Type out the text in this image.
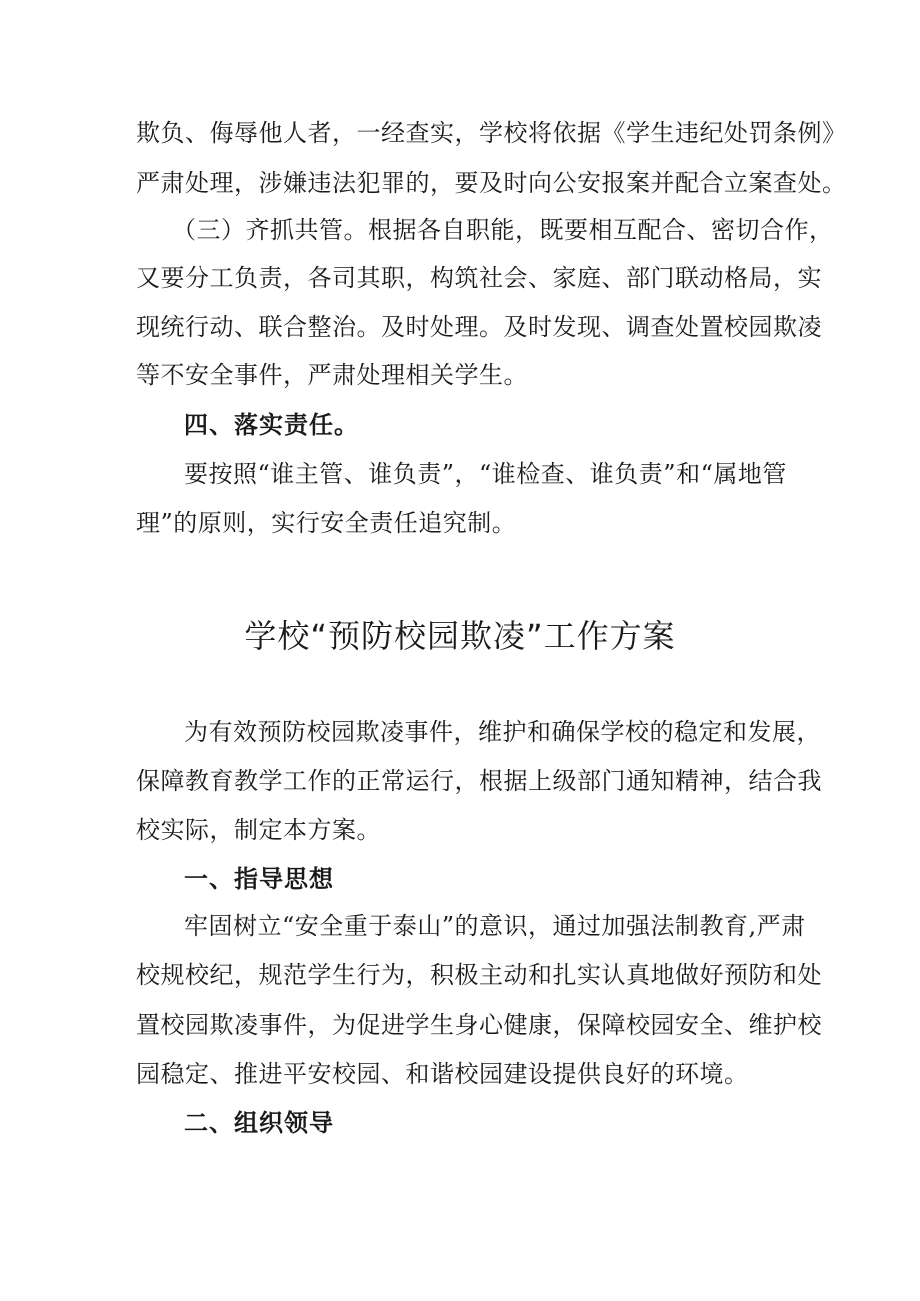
欺负、侮辱他人者，一经查实，学校将依据《学生违纪处罚条例》
严肃处理，涉嫌违法犯罪的，要及时向公安报案并配合立案查处。
（三）齐抓共管。根据各自职能，既要相互配合、密切合作，
又要分工负责，各司其职，构筑社会、家庭、部门联动格局，实
现统行动、联合整治。及时处理。及时发现、调查处置校园欺凌
等不安全事件，严肃处理相关学生。
四、落实责任。
要按照“谁主管、谁负责”，“谁检查、谁负责”和“属地管
理”的原则，实行安全责任追究制。
学校“预防校园欺凌”工作方案
为有效预防校园欺凌事件，维护和确保学校的稳定和发展，
保障教育教学工作的正常运行，根据上级部门通知精神，结合我
校实际，制定本方案。
一、指导思想
牢固树立“安全重于泰山”的意识，通过加强法制教育,严肃
校规校纪，规范学生行为，积极主动和扎实认真地做好预防和处
置校园欺凌事件，为促进学生身心健康，保障校园安全、维护校
园稳定、推进平安校园、和谐校园建设提供良好的环境。
二、组织领导
